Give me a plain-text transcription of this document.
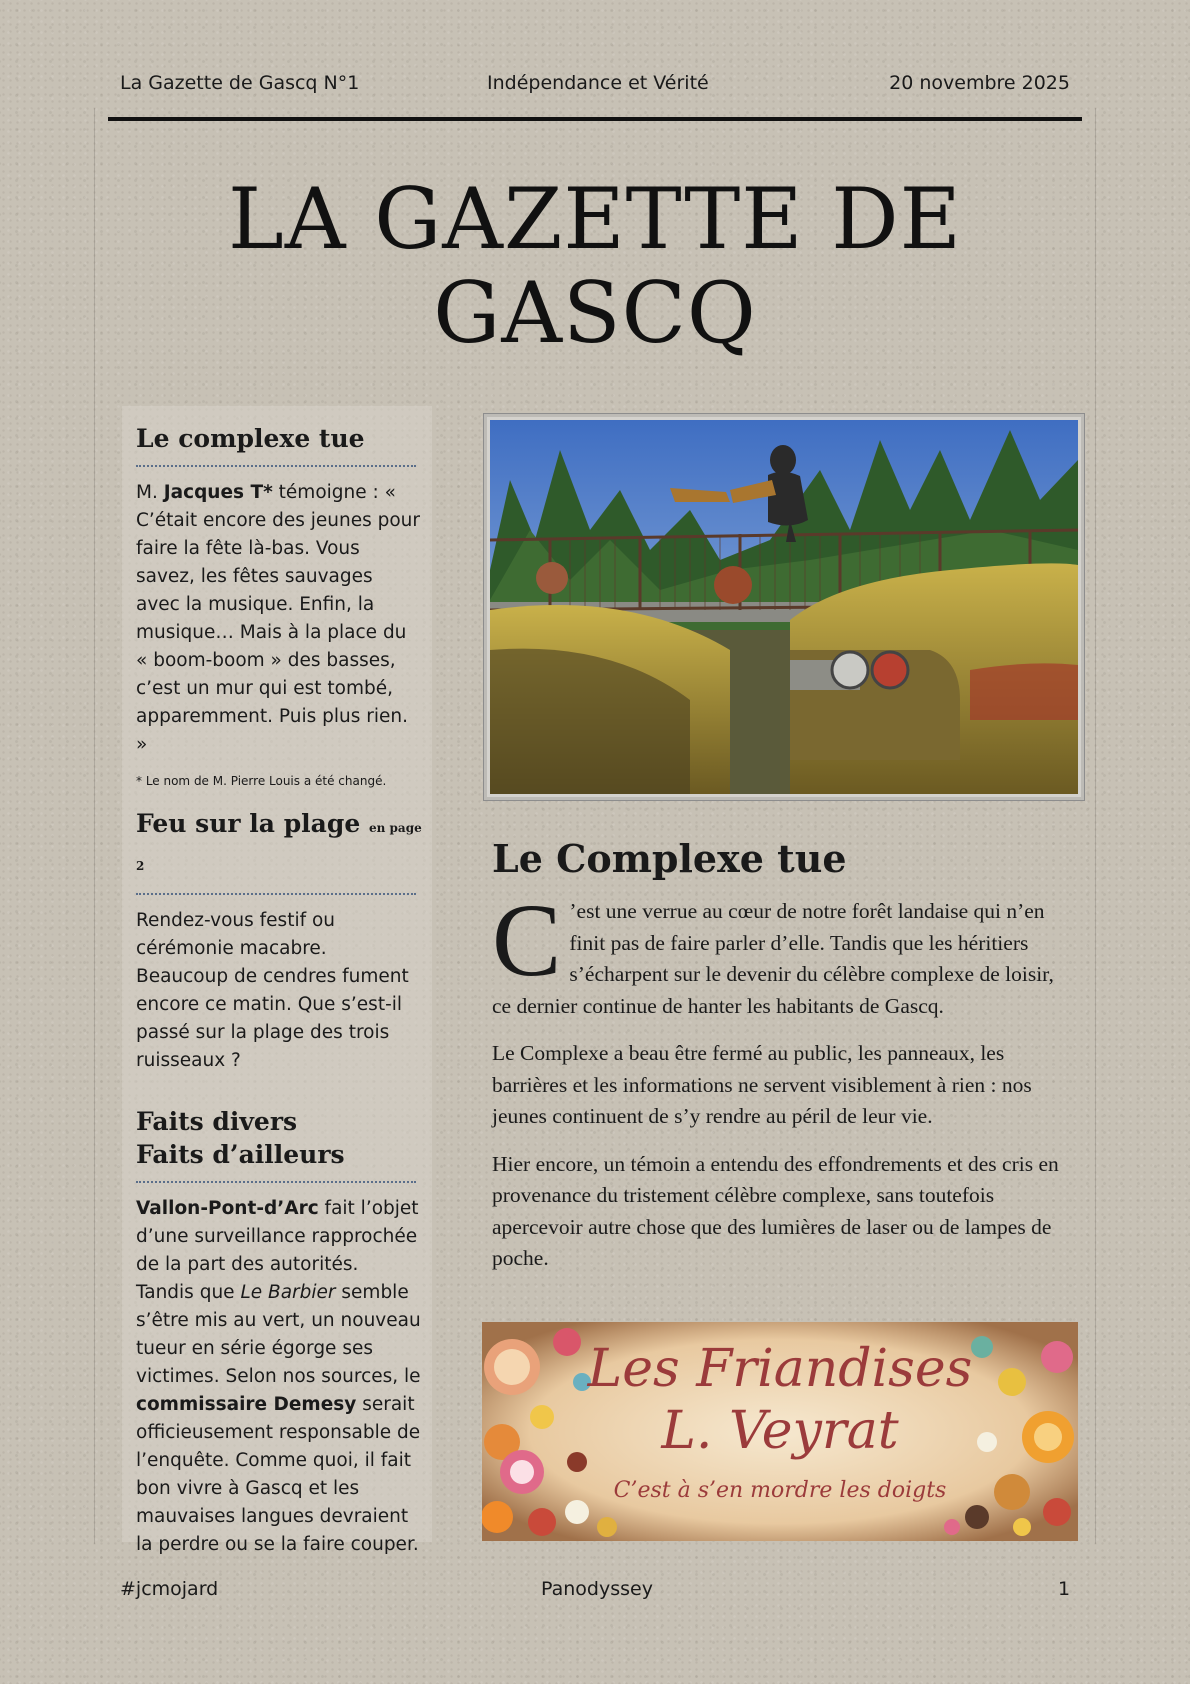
La Gazette de Gascq N°1	Indépendance et Vérité	20 novembre 2025
LA GAZETTE DE
GASCQ
Le complexe tue

M. Jacques T* témoigne : « C’était encore des jeunes pour faire la fête là-bas. Vous savez, les fêtes sauvages avec la musique. Enfin, la musique… Mais à la place du « boom-boom » des basses, c’est un mur qui est tombé, apparemment. Puis plus rien. »

* Le nom de M. Pierre Louis a été changé.

Feu sur la plage en page 2

Rendez-vous festif ou cérémonie macabre. Beaucoup de cendres fument encore ce matin. Que s’est-il passé sur la plage des trois ruisseaux ?

Faits divers
Faits d’ailleurs

Vallon-Pont-d’Arc fait l’objet d’une surveillance rapprochée de la part des autorités. Tandis que Le Barbier semble s’être mis au vert, un nouveau tueur en série égorge ses victimes. Selon nos sources, le commissaire Demesy serait officieusement responsable de l’enquête. Comme quoi, il fait bon vivre à Gascq et les mauvaises langues devraient la perdre ou se la faire couper.

Le Complexe tue

C ’est une verrue au cœur de notre forêt landaise qui n’en finit pas de faire parler d’elle. Tandis que les héritiers s’écharpent sur le devenir du célèbre complexe de loisir, ce dernier continue de hanter les habitants de Gascq.

Le Complexe a beau être fermé au public, les panneaux, les barrières et les informations ne servent visiblement à rien : nos jeunes continuent de s’y rendre au péril de leur vie.

Hier encore, un témoin a entendu des effondrements et des cris en provenance du tristement célèbre complexe, sans toutefois apercevoir autre chose que des lumières de laser ou de lampes de poche.

Les Friandises
L. Veyrat
C’est à s’en mordre les doigts
#jcmojard	Panodyssey	1
